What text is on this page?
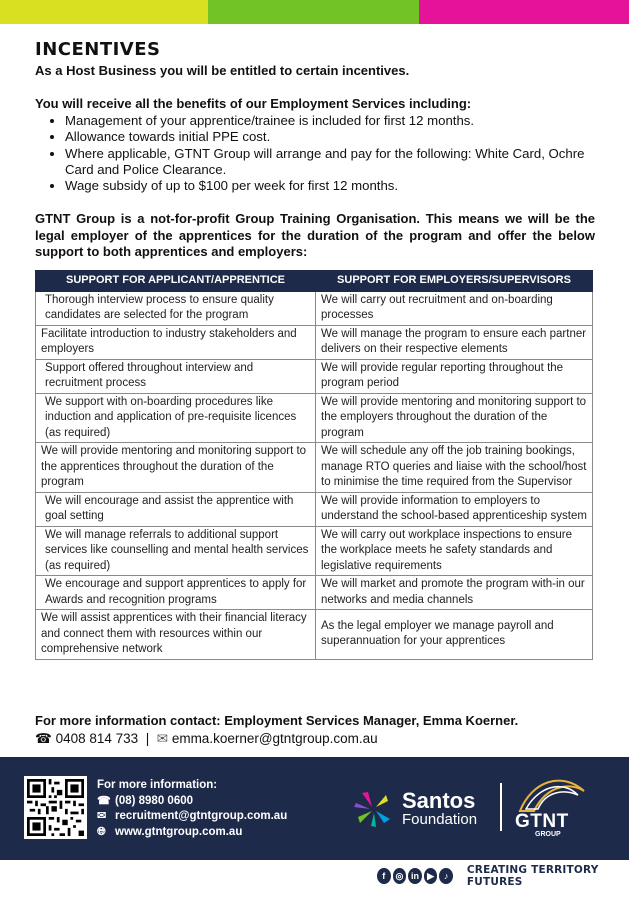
INCENTIVES
As a Host Business you will be entitled to certain incentives.
You will receive all the benefits of our Employment Services including:
• Management of your apprentice/trainee is included for first 12 months.
• Allowance towards initial PPE cost.
• Where applicable, GTNT Group will arrange and pay for the following: White Card, Ochre Card and Police Clearance.
• Wage subsidy of up to $100 per week for first 12 months.
GTNT Group is a not-for-profit Group Training Organisation. This means we will be the legal employer of the apprentices for the duration of the program and offer the below support to both apprentices and employers:
SUPPORT FOR APPLICANT/APPRENTICE	SUPPORT FOR EMPLOYERS/SUPERVISORS
Thorough interview process to ensure quality candidates are selected for the program	We will carry out recruitment and on-boarding processes
Facilitate introduction to industry stakeholders and employers	We will manage the program to ensure each partner delivers on their respective elements
Support offered throughout interview and recruitment process	We will provide regular reporting throughout the program period
We support with on-boarding procedures like induction and application of pre-requisite licences (as required)	We will provide mentoring and monitoring support to the employers throughout the duration of the program
We will provide mentoring and monitoring support to the apprentices throughout the duration of the program	We will schedule any off the job training bookings, manage RTO queries and liaise with the school/host to minimise the time required from the Supervisor
We will encourage and assist the apprentice with goal setting	We will provide information to employers to understand the school-based apprenticeship system
We will manage referrals to additional support services like counselling and mental health services (as required)	We will carry out workplace inspections to ensure the workplace meets he safety standards and legislative requirements
We encourage and support apprentices to apply for Awards and recognition programs	We will market and promote the program with-in our networks and media channels
We will assist apprentices with their financial literacy and connect them with resources within our comprehensive network	As the legal employer we manage payroll and superannuation for your apprentices
For more information contact: Employment Services Manager, Emma Koerner.
☎ 0408 814 733 | ✉ emma.koerner@gtntgroup.com.au
For more information:
☎ (08) 8980 0600
✉ recruitment@gtntgroup.com.au
🌐︎ www.gtntgroup.com.au
Santos
Foundation GTNT
GROUP
f	◎ in ▶	♪	CREATING TERRITORY FUTURES
